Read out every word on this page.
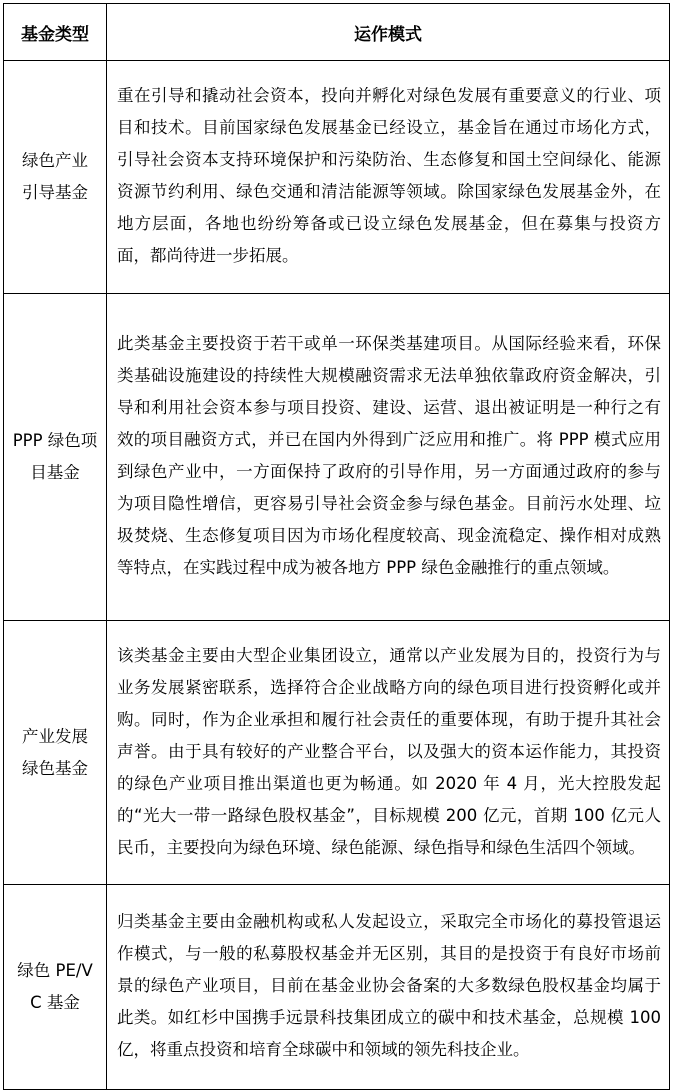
基金类型	运作模式
绿色产业引导基金	重在引导和撬动社会资本，投向并孵化对绿色发展有重要意义的行业、项目和技术。目前国家绿色发展基金已经设立，基金旨在通过市场化方式，引导社会资本支持环境保护和污染防治、生态修复和国土空间绿化、能源资源节约利用、绿色交通和清洁能源等领域。除国家绿色发展基金外，在地方层面，各地也纷纷筹备或已设立绿色发展基金，但在募集与投资方面，都尚待进一步拓展。
PPP 绿色项目基金	此类基金主要投资于若干或单一环保类基建项目。从国际经验来看，环保类基础设施建设的持续性大规模融资需求无法单独依靠政府资金解决，引导和利用社会资本参与项目投资、建设、运营、退出被证明是一种行之有效的项目融资方式，并已在国内外得到广泛应用和推广。将 PPP 模式应用到绿色产业中，一方面保持了政府的引导作用，另一方面通过政府的参与为项目隐性增信，更容易引导社会资金参与绿色基金。目前污水处理、垃圾焚烧、生态修复项目因为市场化程度较高、现金流稳定、操作相对成熟等特点，在实践过程中成为被各地方 PPP 绿色金融推行的重点领域。
产业发展绿色基金	该类基金主要由大型企业集团设立，通常以产业发展为目的，投资行为与业务发展紧密联系，选择符合企业战略方向的绿色项目进行投资孵化或并购。同时，作为企业承担和履行社会责任的重要体现，有助于提升其社会声誉。由于具有较好的产业整合平台，以及强大的资本运作能力，其投资的绿色产业项目推出渠道也更为畅通。如 2020 年 4 月，光大控股发起的“光大一带一路绿色股权基金”，目标规模 200 亿元，首期 100 亿元人民币，主要投向为绿色环境、绿色能源、绿色指导和绿色生活四个领域。
绿色 PE/VC 基金	归类基金主要由金融机构或私人发起设立，采取完全市场化的募投管退运作模式，与一般的私募股权基金并无区别，其目的是投资于有良好市场前景的绿色产业项目，目前在基金业协会备案的大多数绿色股权基金均属于此类。如红杉中国携手远景科技集团成立的碳中和技术基金，总规模 100 亿，将重点投资和培育全球碳中和领域的领先科技企业。
